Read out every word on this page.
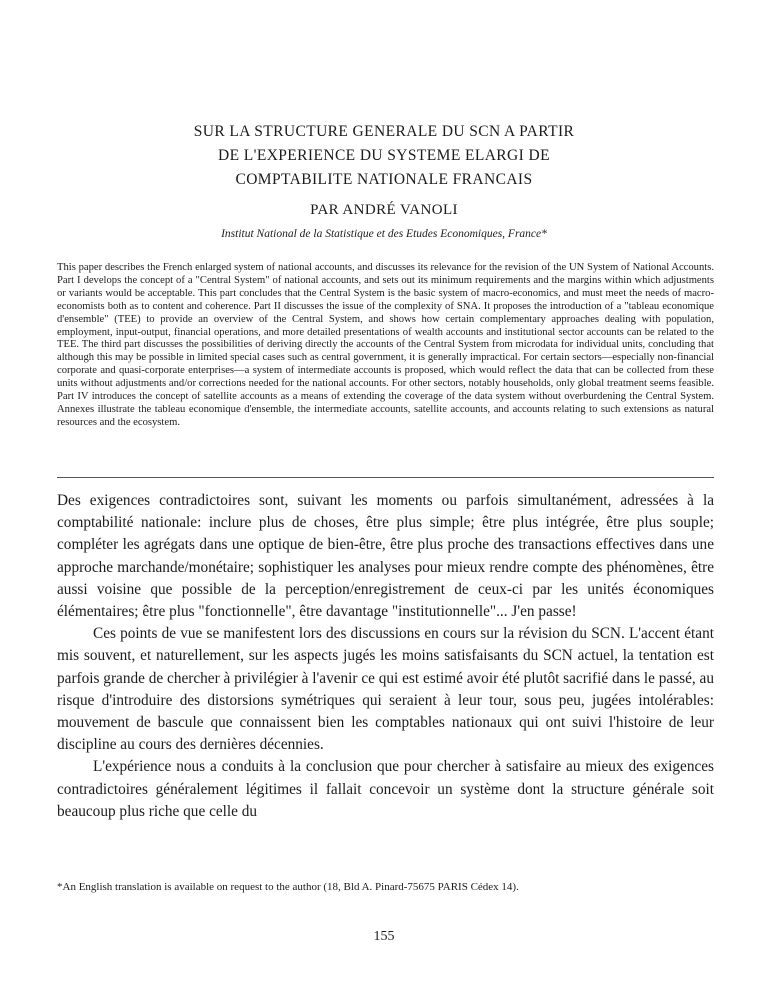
SUR LA STRUCTURE GENERALE DU SCN A PARTIR
DE L'EXPERIENCE DU SYSTEME ELARGI DE
COMPTABILITE NATIONALE FRANCAIS
PAR ANDRÉ VANOLI
Institut National de la Statistique et des Etudes Economiques, France*

This paper describes the French enlarged system of national accounts, and discusses its relevance for the revision of the UN System of National Accounts. Part I develops the concept of a "Central System" of national accounts, and sets out its minimum requirements and the margins within which adjustments or variants would be acceptable. This part concludes that the Central System is the basic system of macro-economics, and must meet the needs of macro-economists both as to content and coherence. Part II discusses the issue of the complexity of SNA. It proposes the introduction of a "tableau economique d'ensemble" (TEE) to provide an overview of the Central System, and shows how certain complementary approaches dealing with population, employment, input-output, financial operations, and more detailed presentations of wealth accounts and institutional sector accounts can be related to the TEE. The third part discusses the possibilities of deriving directly the accounts of the Central System from microdata for individual units, concluding that although this may be possible in limited special cases such as central government, it is generally impractical. For certain sectors—especially non-financial corporate and quasi-corporate enterprises—a system of intermediate accounts is proposed, which would reflect the data that can be collected from these units without adjustments and/or corrections needed for the national accounts. For other sectors, notably households, only global treatment seems feasible. Part IV introduces the concept of satellite accounts as a means of extending the coverage of the data system without overburdening the Central System. Annexes illustrate the tableau economique d'ensemble, the intermediate accounts, satellite accounts, and accounts relating to such extensions as natural resources and the ecosystem.

Des exigences contradictoires sont, suivant les moments ou parfois simultanément, adressées à la comptabilité nationale: inclure plus de choses, être plus simple; être plus intégrée, être plus souple; compléter les agrégats dans une optique de bien-être, être plus proche des transactions effectives dans une approche marchande/monétaire; sophistiquer les analyses pour mieux rendre compte des phénomènes, être aussi voisine que possible de la perception/enregistrement de ceux-ci par les unités économiques élémentaires; être plus "fonctionnelle", être davantage "institutionnelle"... J'en passe!

Ces points de vue se manifestent lors des discussions en cours sur la révision du SCN. L'accent étant mis souvent, et naturellement, sur les aspects jugés les moins satisfaisants du SCN actuel, la tentation est parfois grande de chercher à privilégier à l'avenir ce qui est estimé avoir été plutôt sacrifié dans le passé, au risque d'introduire des distorsions symétriques qui seraient à leur tour, sous peu, jugées intolérables: mouvement de bascule que connaissent bien les comptables nationaux qui ont suivi l'histoire de leur discipline au cours des dernières décennies.

L'expérience nous a conduits à la conclusion que pour chercher à satisfaire au mieux des exigences contradictoires généralement légitimes il fallait concevoir un système dont la structure générale soit beaucoup plus riche que celle du

*An English translation is available on request to the author (18, Bld A. Pinard-75675 PARIS Cédex 14).

155
